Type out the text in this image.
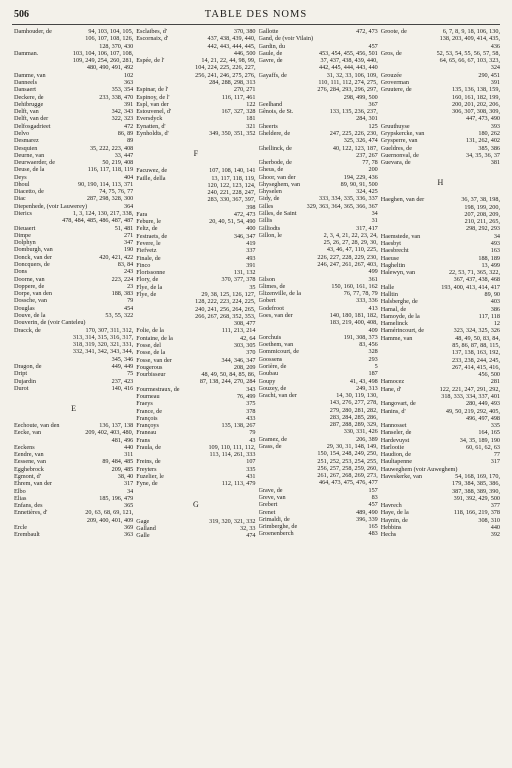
506	TABLE DES NOMS
Damhouder, de	94, 103, 104, 105,
106, 107, 108, 126,
128, 370, 430
Damman.	103, 104, 106, 107, 108,
109, 249, 254, 260, 281,
480, 490, 491, 492
Damme, van	102
Danneels	363
Dansaert	353, 354
Deckere, de	233, 338, 470
Dehibrugge	391
Delft, van	342, 343
Delft, van der	322, 323
Delfosgadrieet	472
Delvo	86, 89
Desmarez	89
Desquien	35, 222, 223, 408
Deurne, van	33, 447
Deurwaerder, de	50, 219, 408
Deuse, de la	116, 117, 118, 119
Deys	404
Dhoul	90, 190, 114, 113, 371
Diacetto, de	74, 75, 76, 77
Diac	287, 298, 328, 300
Diepenhede, (voir Lauwerey)	364
Dierics	1, 3, 124, 130, 217, 338,
478, 484, 485, 486, 487, 487
Dieuaert	51, 481
Dimpe	271
Dolphyn	347
Domburgh, van	190
Donck, van der	420, 421, 422
Doncquers, de	83, 84
Dons	243
Doorne, van	223, 224
Doppere, de	23
Dorpe, van den	188, 383
Dossche, van	79
Douglas	454
Douve, de la	53, 55, 322
Douverin, de (voir Canteleu)
Dracck, de	170, 307, 311, 312,
313, 314, 315, 316, 317,
318, 319, 320, 321, 331,
332, 341, 342, 343, 344,
345, 346
Dragon, de	449, 449
Dript	75
Dujardin	237, 423
Durot	140, 416
E
Eechoute, van den	136, 137, 138
Eecke, van	209, 402, 403, 480,
481, 496
Eeckens	440
Eendre, van	311
Eessene, van	89, 484, 485
Egghebrock	209, 485
Egmont, d'	38, 40
Ehrem, van der	317
Elbo	34
Elias	185, 196, 479
Enfans, des	365
Ennetières, d'	20, 63, 68, 69, 121,
209, 400, 401, 409
Ercle	369
Erembault	363
Esclaibes, d'	370, 380
Escornaix, d'	437, 438, 439, 440,
442, 443, 444, 445,
446, 500
Espée, de l'	14, 21, 22, 44, 98, 99,
104, 224, 225, 226, 227,
256, 241, 246, 275, 276,
284, 288, 298, 313
Espinar, de l'	270, 271
Espinoy, de l'	116, 117, 461
Espl, van der	122
Estouvenel, d'	167, 327, 328
Eversdyck	181
Eynatten, d'	321
Eynholdts, d'	349, 350, 351, 352
F
Facuwez, de	107, 108, 140, 141
Faille, della	13, 117, 118, 119,
120, 122, 123, 124,
240, 221, 228, 247,
283, 330, 367, 397,
398
Fara	472, 473
Febure, le	20, 40, 51, 54, 490
Feltz, de	400
Festraets, de	346, 347
Fevere, le	419
Fiefvetz	337
Finale, de	493
Finco	391
Florissonne	131, 132
Flory, de	370, 377, 378
Flye, de la	35
Flye, de	29, 38, 125, 126, 127,
128, 222, 223, 224, 225,
240, 241, 256, 264, 265,
266, 267, 268, 352, 353,
308, 477
Folie, de la	111, 213, 214
Fontaine, de la	42, 64
Fosse, del	303, 305
Fosse, de la	370
Fosse, van der	344, 346, 347
Fougerous	208, 209
Fourbisseur	48, 49, 50, 84, 85, 86,
87, 138, 244, 270, 284
Fourmestraux, de	343
Fourneau	76, 499
Fraeys	375
France, de	378
François	433
Françoys	135, 138, 267
Franeau	79
Frans	43
Fraula, de	109, 110, 111, 112,
113, 114, 261, 333
Freins, de	107
Freyters	335
Fuzelier, le	431
Fyne, de	112, 113, 479
G
Gage	319, 320, 321, 332
Galland	32, 33
Galle	474
Gallotte	472, 473
Gand, de (voir Vilain)
Gardin, du	457
Gaule, de	453, 454, 455, 456, 501
Gavre, de	37, 437, 438, 439, 440,
442, 445, 444, 443, 440
Gayaffs, de	31, 32, 33, 106, 109,
110, 111, 112, 274, 275,
276, 284, 293, 296, 297,
298, 499, 500
Geelhand	367
Gênois, de St.	133, 135, 236, 237,
284, 301
Gheerts	125
Gheldere, de	247, 225, 226, 230,
325, 326, 474
Ghellinck, de	40, 122, 123, 187,
237, 267
Gherbode, de	77, 78
Gheus, de	200
Ghoor, van der	194, 229, 436
Ghyseghem, van	89, 90, 91, 500
Ghyselen	324, 425
Gidy, de	333, 334, 335, 336, 337
Gilles	329, 363, 364, 365, 366, 367
Gilles, de Saint	34
Gillis	31
Gilliodts	317, 417
Gillon, le	2, 3, 4, 21, 22, 23, 24,
25, 26, 27, 28, 29, 30,
43, 46, 47, 110, 225,
226, 227, 228, 229, 230,
246, 247, 261, 267, 403,
499
Gilson	361
Glimes, de	150, 160, 161, 162
Glizenville, de la	76, 77, 78, 79
Gobert	333, 336
Godefroot	413
Goes, van der	140, 180, 181, 182,
183, 219, 400, 408,
409
Gorchuis	191, 308, 373
Goethem, van	83, 456
Gommicourt, de	328
Goossens	293
Gorière, de	5
Goubau	187
Goupy	41, 43, 498
Gouzey, de	249, 313
Gracht, van der	14, 30, 119, 130,
143, 276, 277, 278,
279, 280, 281, 282,
283, 284, 285, 286,
287, 288, 289, 329,
330, 331, 426
Gramez, de	206, 389
Grass, de	29, 30, 31, 148, 149,
150, 154, 248, 249, 250,
251, 252, 253, 254, 255,
256, 257, 258, 259, 260,
261, 267, 268, 269, 273,
464, 473, 475, 476, 477
Grave, de	157
Greve, van	83
Grebert	457
Grenet	489, 490
Grimaldi, de	396, 339
Grimberghe, de	165
Groenenberch	483
Groote, de	6, 7, 8, 9, 18, 106, 130,
138, 203, 409, 414, 435,
436
Gros, de	52, 53, 54, 55, 56, 57, 58,
64, 65, 66, 67, 103, 323,
324
Grouzée	290, 451
Groverman	391
Gruutere, de	135, 136, 138, 159,
160, 161, 182, 199,
200, 201, 202, 206,
306, 307, 308, 309,
447, 473, 490
Gruuthuyse	393
Grypskercke, van	180, 262
Grysperre, van	131, 262, 402
Gueldres, de	385, 386
Guernonval, de	34, 35, 36, 37
Guevara, de	381
H
Haeghen, van der	36, 37, 38, 198,
198, 199, 200,
207, 208, 209,
210, 211, 265,
298, 292, 293
Haemstede, van	34
Haesbyt	493
Haesbrecht	163
Haeuse	188, 189
Hagheltin	13, 499
Halewyn, van	22, 53, 71, 365, 322,
367, 437, 438, 468
Halle	193, 400, 413, 414, 417
Halltin	89, 90
Halsberghe, de	403
Hamal, de	386
Hamoyde, de la	117, 118
Hamelinck	12
Hamérincourt, de	323, 324, 325, 326
Hamme, van	48, 49, 50, 83, 84,
85, 86, 87, 88, 115,
137, 138, 163, 192,
233, 238, 244, 245,
267, 414, 415, 416,
456, 500
Hamocez	281
Hane, d'	122, 221, 247, 291, 292,
318, 333, 334, 337, 401
Hangovart, de	280, 449, 493
Hanins, d'	49, 50, 219, 292, 405,
496, 497, 498
Hannosset	335
Hanseler, de	164, 165
Hardevuyst	34, 35, 189, 190
Harlooiie	60, 61, 62, 63
Haudion, de	77
Haultapenne	317
Hauweghem (voir Auweghem)
Haveskerke, van	54, 168, 169, 170,
179, 384, 385, 386,
387, 388, 389, 390,
391, 392, 429, 500
Havrech	377
Haye, de la	118, 166, 219, 378
Haynin, de	308, 310
Hebbins	440
Hechs	392
